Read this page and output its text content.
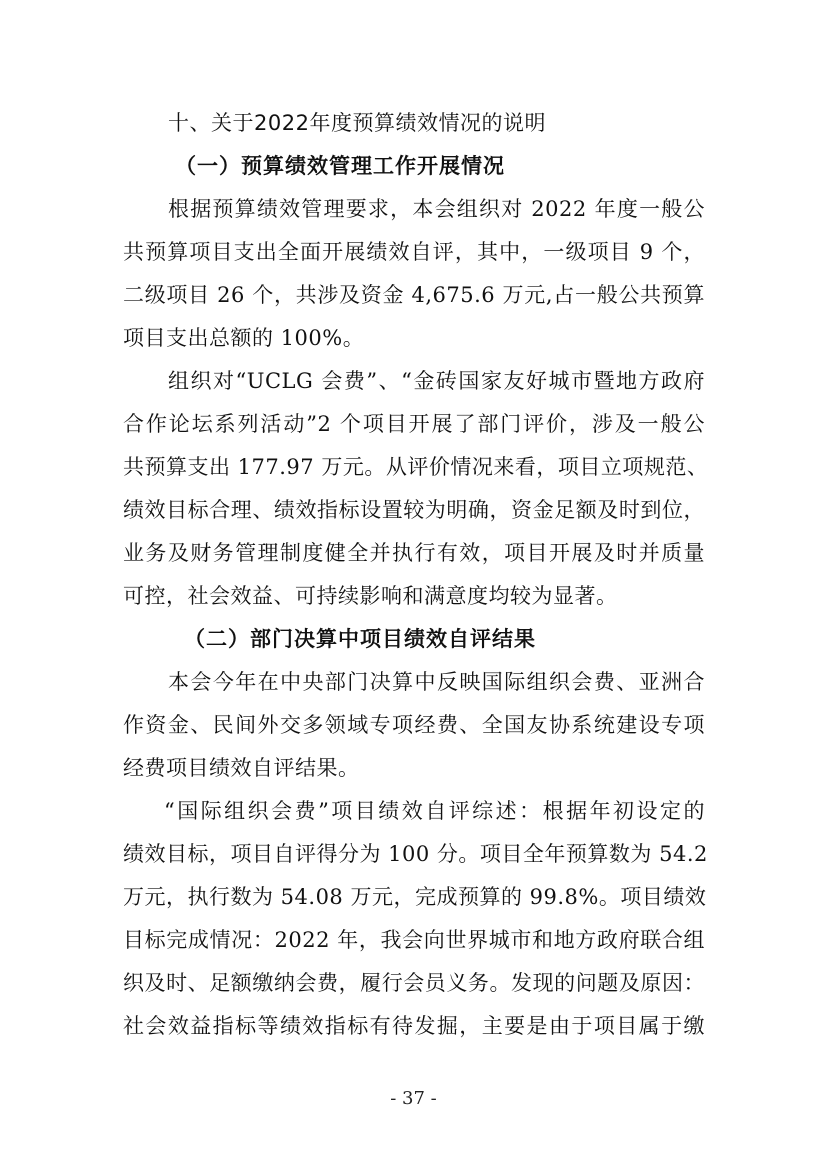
十、关于2022年度预算绩效情况的说明
（一）预算绩效管理工作开展情况
根据预算绩效管理要求，本会组织对 2022 年度一般公
共预算项目支出全面开展绩效自评，其中，一级项目 9 个，
二级项目 26 个，共涉及资金 4,675.6 万元,占一般公共预算
项目支出总额的 100%。
组织对“UCLG 会费”、“金砖国家友好城市暨地方政府
合作论坛系列活动”2 个项目开展了部门评价，涉及一般公
共预算支出 177.97 万元。从评价情况来看，项目立项规范、
绩效目标合理、绩效指标设置较为明确，资金足额及时到位，
业务及财务管理制度健全并执行有效，项目开展及时并质量
可控，社会效益、可持续影响和满意度均较为显著。
（二）部门决算中项目绩效自评结果
本会今年在中央部门决算中反映国际组织会费、亚洲合
作资金、民间外交多领域专项经费、全国友协系统建设专项
经费项目绩效自评结果。
“国际组织会费”项目绩效自评综述：根据年初设定的
绩效目标，项目自评得分为 100 分。项目全年预算数为 54.2
万元，执行数为 54.08 万元，完成预算的 99.8%。项目绩效
目标完成情况：2022 年，我会向世界城市和地方政府联合组
织及时、足额缴纳会费，履行会员义务。发现的问题及原因：
社会效益指标等绩效指标有待发掘，主要是由于项目属于缴
- 37 -
